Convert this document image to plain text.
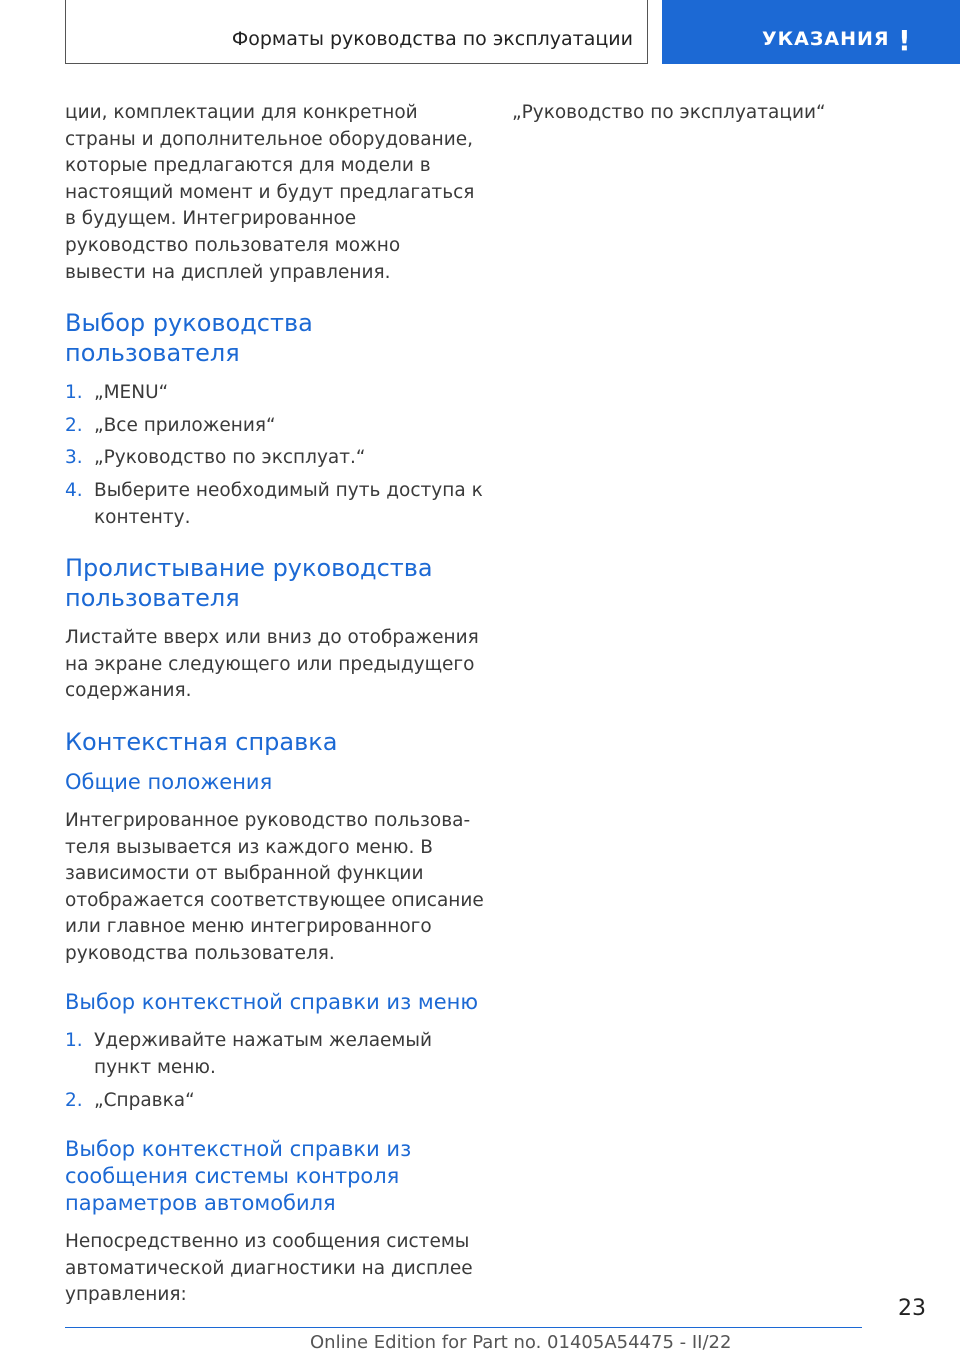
Форматы руководства по эксплуатации	УКАЗАНИЯ !

ции, комплектации для конкретной страны и дополнительное оборудование, которые предлагаются для модели в настоящий момент и будут предлагаться в будущем. Интегрированное руководство пользователя можно вывести на дисплей управления.

Выбор руководства пользователя
1. „MENU“
2. „Все приложения“
3. „Руководство по эксплуат.“
4. Выберите необходимый путь доступа к контенту.
Пролистывание руководства пользователя

Листайте вверх или вниз до отображения на экране следующего или предыдущего содержания.

Контекстная справка
Общие положения

Интегрированное руководство пользователя вызывается из каждого меню. В зависимости от выбранной функции отображается соответствующее описание или главное меню интегрированного руководства пользователя.

Выбор контекстной справки из меню
1. Удерживайте нажатым желаемый пункт меню.
2. „Справка“
Выбор контекстной справки из сообщения системы контроля параметров автомобиля

Непосредственно из сообщения системы автоматической диагностики на дисплее управления:

„Руководство по эксплуатации“

23
Online Edition for Part no. 01405A54475 - II/22
